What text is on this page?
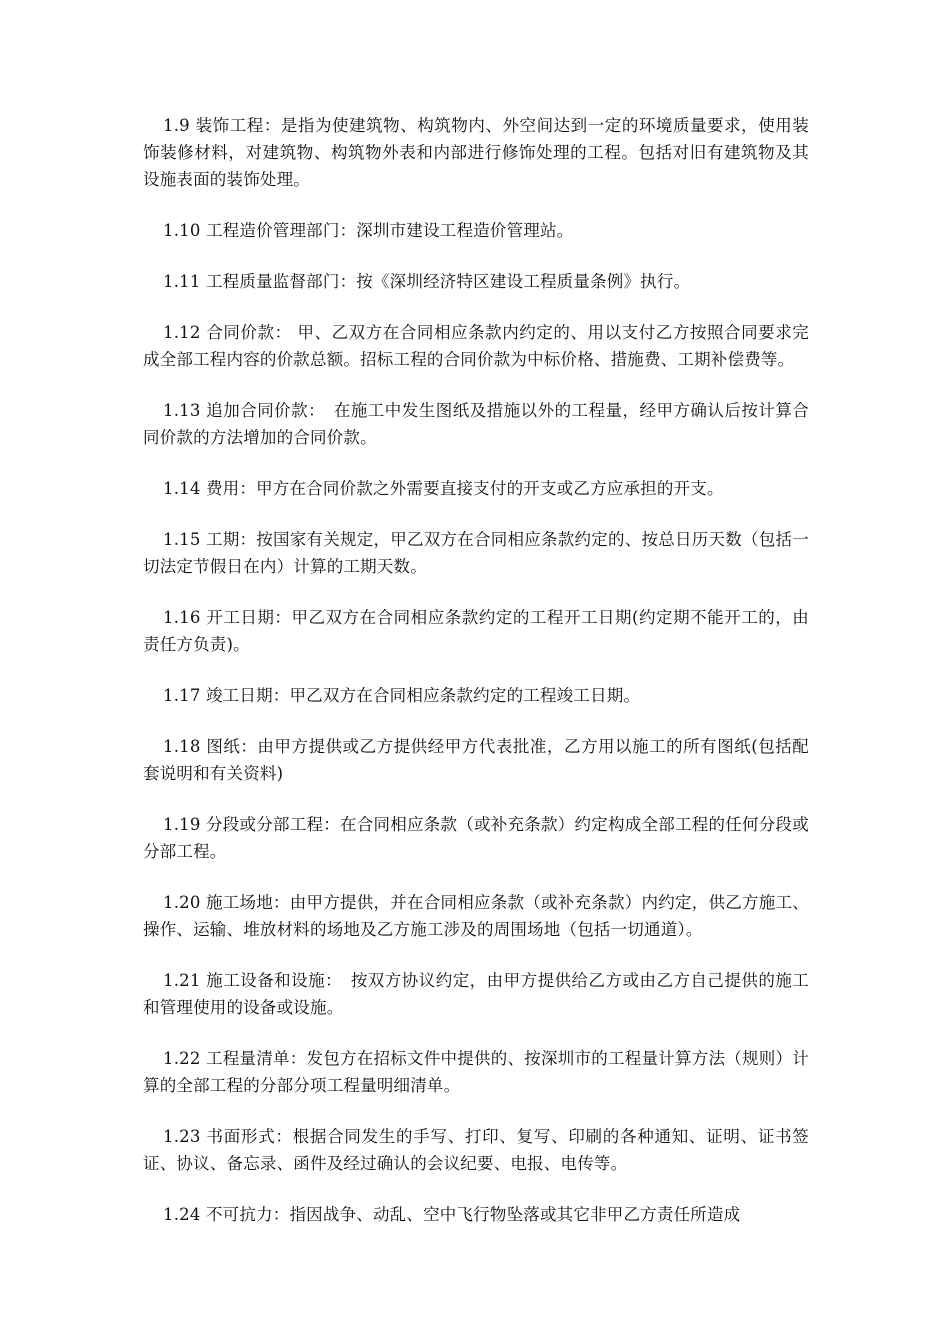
1.9 装饰工程：是指为使建筑物、构筑物内、外空间达到一定的环境质量要求，使用装饰装修材料，对建筑物、构筑物外表和内部进行修饰处理的工程。包括对旧有建筑物及其设施表面的装饰处理。

1.10 工程造价管理部门：深圳市建设工程造价管理站。

1.11 工程质量监督部门：按《深圳经济特区建设工程质量条例》执行。

1.12 合同价款： 甲、乙双方在合同相应条款内约定的、用以支付乙方按照合同要求完成全部工程内容的价款总额。招标工程的合同价款为中标价格、措施费、工期补偿费等。

1.13 追加合同价款：　在施工中发生图纸及措施以外的工程量，经甲方确认后按计算合同价款的方法增加的合同价款。

1.14 费用：甲方在合同价款之外需要直接支付的开支或乙方应承担的开支。

1.15 工期：按国家有关规定，甲乙双方在合同相应条款约定的、按总日历天数（包括一切法定节假日在内）计算的工期天数。

1.16 开工日期：甲乙双方在合同相应条款约定的工程开工日期(约定期不能开工的，由责任方负责)。

1.17 竣工日期：甲乙双方在合同相应条款约定的工程竣工日期。

1.18 图纸：由甲方提供或乙方提供经甲方代表批准，乙方用以施工的所有图纸(包括配套说明和有关资料)

1.19 分段或分部工程：在合同相应条款（或补充条款）约定构成全部工程的任何分段或分部工程。

1.20 施工场地：由甲方提供，并在合同相应条款（或补充条款）内约定，供乙方施工、操作、运输、堆放材料的场地及乙方施工涉及的周围场地（包括一切通道）。

1.21 施工设备和设施：　按双方协议约定，由甲方提供给乙方或由乙方自己提供的施工和管理使用的设备或设施。

1.22 工程量清单：发包方在招标文件中提供的、按深圳市的工程量计算方法（规则）计算的全部工程的分部分项工程量明细清单。

1.23 书面形式：根据合同发生的手写、打印、复写、印刷的各种通知、证明、证书签证、协议、备忘录、函件及经过确认的会议纪要、电报、电传等。

1.24 不可抗力：指因战争、动乱、空中飞行物坠落或其它非甲乙方责任所造成
